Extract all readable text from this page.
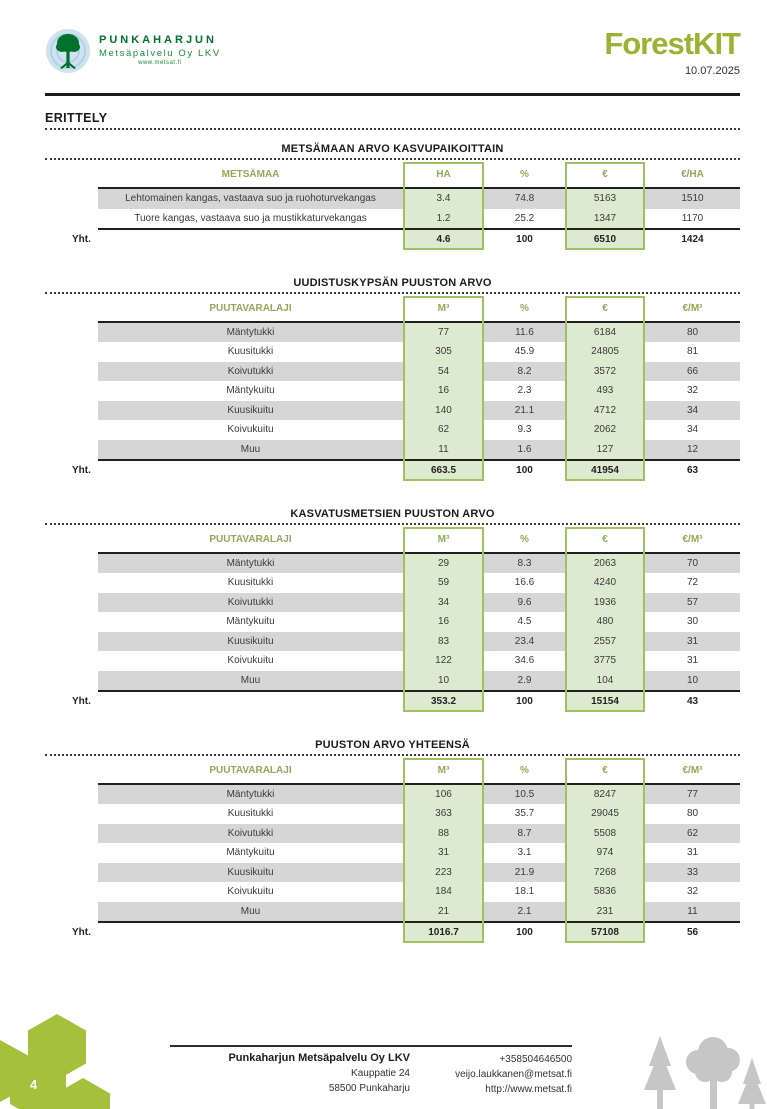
PUNKAHARJUN
Metsäpalvelu Oy LKV
www.metsat.fi
ForestKIT
10.07.2025
ERITTELY
METSÄMAAN ARVO KASVUPAIKOITTAIN
METSÄMAA	HA	%	€	€/HA
Lehtomainen kangas, vastaava suo ja ruohoturvekangas	3.4	74.8	5163	1510
Tuore kangas, vastaava suo ja mustikkaturvekangas	1.2	25.2	1347	1170
Yht.	4.6	100	6510	1424
UUDISTUSKYPSÄN PUUSTON ARVO
PUUTAVARALAJI	M³	%	€	€/M³
Mäntytukki	77	11.6	6184	80
Kuusitukki	305	45.9	24805	81
Koivutukki	54	8.2	3572	66
Mäntykuitu	16	2.3	493	32
Kuusikuitu	140	21.1	4712	34
Koivukuitu	62	9.3	2062	34
Muu	11	1.6	127	12
Yht.	663.5	100	41954	63
KASVATUSMETSIEN PUUSTON ARVO
PUUTAVARALAJI	M³	%	€	€/M³
Mäntytukki	29	8.3	2063	70
Kuusitukki	59	16.6	4240	72
Koivutukki	34	9.6	1936	57
Mäntykuitu	16	4.5	480	30
Kuusikuitu	83	23.4	2557	31
Koivukuitu	122	34.6	3775	31
Muu	10	2.9	104	10
Yht.	353.2	100	15154	43
PUUSTON ARVO YHTEENSÄ
PUUTAVARALAJI	M³	%	€	€/M³
Mäntytukki	106	10.5	8247	77
Kuusitukki	363	35.7	29045	80
Koivutukki	88	8.7	5508	62
Mäntykuitu	31	3.1	974	31
Kuusikuitu	223	21.9	7268	33
Koivukuitu	184	18.1	5836	32
Muu	21	2.1	231	11
Yht.	1016.7	100	57108	56
Punkaharjun Metsäpalvelu Oy LKV
Kauppatie 24
58500 Punkaharju
+358504646500
veijo.laukkanen@metsat.fi
http://www.metsat.fi
4
